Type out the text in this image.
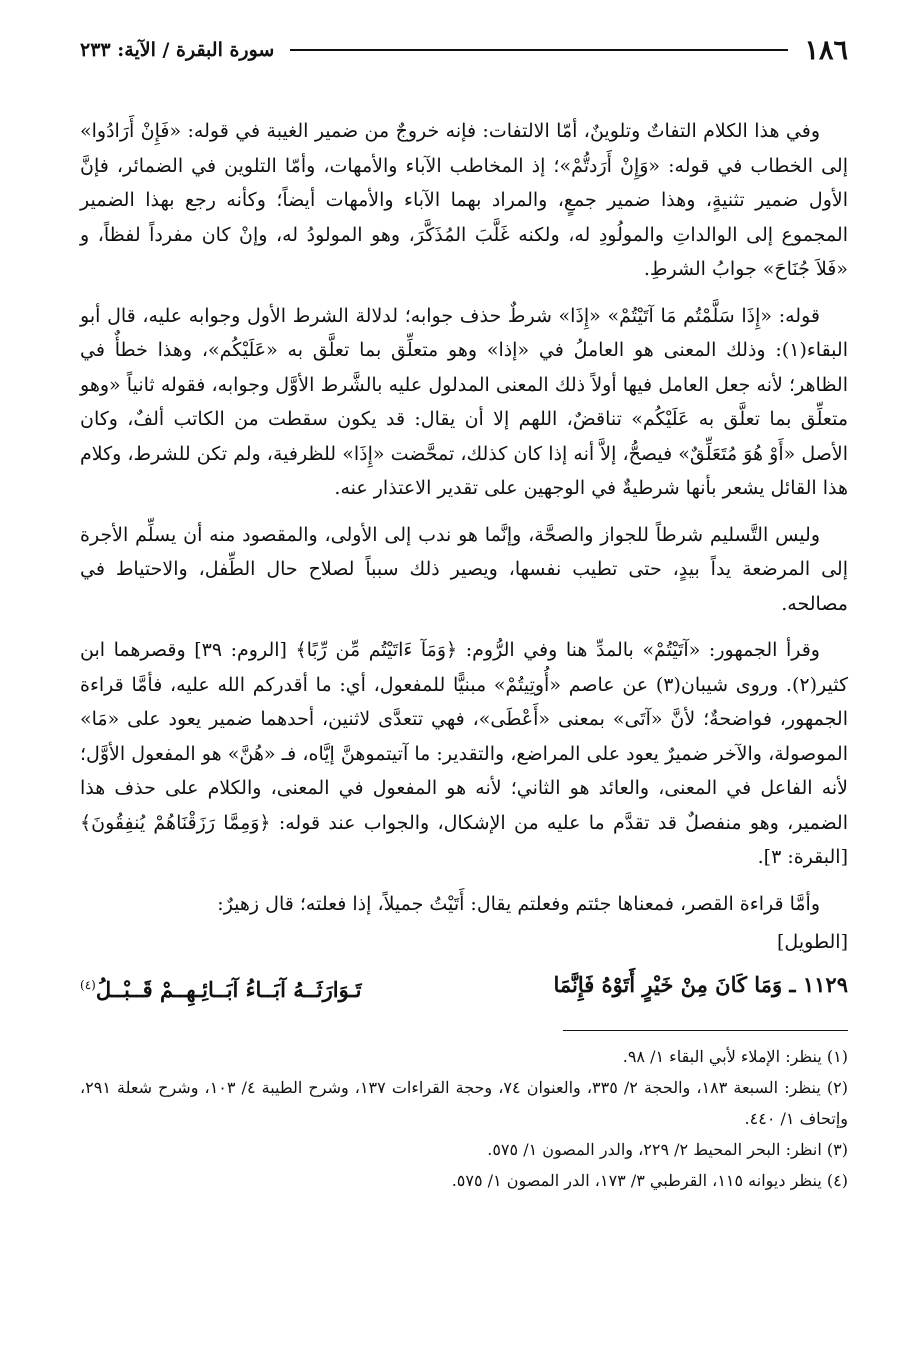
١٨٦
سورة البقرة / الآية: ٢٣٣

وفي هذا الكلام التفاتٌ وتلوينٌ، أمّا الالتفات: فإنه خروجٌ من ضمير الغيبة في قوله: «فَإِنْ أَرَادُوا» إلى الخطاب في قوله: «وَإِنْ أَرَدتُّمْ»؛ إذ المخاطب الآباء والأمهات، وأمّا التلوين في الضمائر، فإنَّ الأول ضمير تثنيةٍ، وهذا ضمير جمعٍ، والمراد بهما الآباء والأمهات أيضاً؛ وكأنه رجع بهذا الضمير المجموع إلى الوالداتِ والمولُودِ له، ولكنه غَلَّبَ المُذَكَّرَ، وهو المولودُ له، وإنْ كان مفرداً لفظاً، و «فَلاَ جُنَاحَ» جوابُ الشرطِ.

قوله: «إِذَا سَلَّمْتُم مَا آتَيْتُمْ» «إِذَا» شرطٌ حذف جوابه؛ لدلالة الشرط الأول وجوابه عليه، قال أبو البقاء(١): وذلك المعنى هو العاملُ في «إذا» وهو متعلِّق بما تعلَّق به «عَلَيْكُم»، وهذا خطأٌ في الظاهر؛ لأنه جعل العامل فيها أولاً ذلك المعنى المدلول عليه بالشَّرط الأوَّل وجوابه، فقوله ثانياً «وهو متعلِّق بما تعلَّق به عَلَيْكُم» تناقضٌ، اللهم إلا أن يقال: قد يكون سقطت من الكاتب ألفٌ، وكان الأصل «أَوْ هُوَ مُتَعَلِّقٌ» فيصحُّ، إلاَّ أنه إذا كان كذلك، تمحَّضت «إِذَا» للظرفية، ولم تكن للشرط، وكلام هذا القائل يشعر بأنها شرطيةٌ في الوجهين على تقدير الاعتذار عنه.

وليس التَّسليم شرطاً للجواز والصحَّة، وإنَّما هو ندب إلى الأولى، والمقصود منه أن يسلِّم الأجرة إلى المرضعة يداً بيدٍ، حتى تطيب نفسها، ويصير ذلك سبباً لصلاح حال الطِّفل، والاحتياط في مصالحه.

وقرأ الجمهور: «آتَيْتُمْ» بالمدِّ هنا وفي الرُّوم: ﴿وَمَآ ءَاتَيْتُم مِّن رِّبًا﴾ [الروم: ٣٩] وقصرهما ابن كثير(٢). وروى شيبان(٣) عن عاصم «أُوتِيتُمْ» مبنيًّا للمفعول، أي: ما أقدركم الله عليه، فأمَّا قراءة الجمهور، فواضحةٌ؛ لأنَّ «آتَى» بمعنى «أَعْطَى»، فهي تتعدَّى لاثنين، أحدهما ضمير يعود على «مَا» الموصولة، والآخر ضميرٌ يعود على المراضع، والتقدير: ما آتيتموهنَّ إيَّاه، فـ «هُنَّ» هو المفعول الأوَّل؛ لأنه الفاعل في المعنى، والعائد هو الثاني؛ لأنه هو المفعول في المعنى، والكلام على حذف هذا الضمير، وهو منفصلٌ قد تقدَّم ما عليه من الإشكال، والجواب عند قوله: ﴿وَمِمَّا رَزَقْنَاهُمْ يُنفِقُونَ﴾ [البقرة: ٣].

وأمَّا قراءة القصر، فمعناها جئتم وفعلتم يقال: أَتَيْتُ جميلاً، إذا فعلته؛ قال زهيرٌ:

[الطويل]
١١٢٩ ـ وَمَا كَانَ مِنْ خَيْرٍ أَتَوْهُ فَإِنَّمَا
تَـوَارَثَــهُ آبَــاءُ آبَــائِـهِــمْ قَــبْــلُ$^{(٤)}$

(١) ينظر: الإملاء لأبي البقاء ١/ ٩٨.

(٢) ينظر: السبعة ١٨٣، والحجة ٢/ ٣٣٥، والعنوان ٧٤، وحجة القراءات ١٣٧، وشرح الطيبة ٤/ ١٠٣، وشرح شعلة ٢٩١، وإتحاف ١/ ٤٤٠.

(٣) انظر: البحر المحيط ٢/ ٢٢٩، والدر المصون ١/ ٥٧٥.

(٤) ينظر ديوانه ١١٥، القرطبي ٣/ ١٧٣، الدر المصون ١/ ٥٧٥.
